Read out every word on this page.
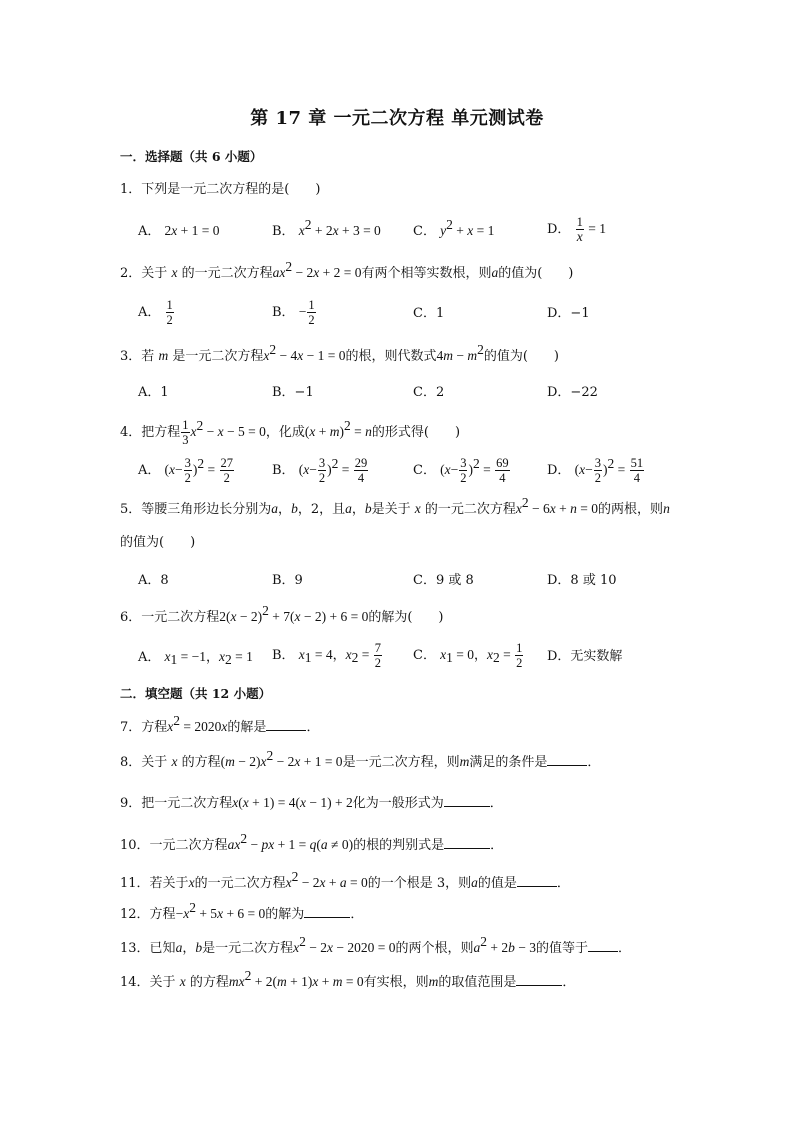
第 17 章 一元二次方程 单元测试卷
一．选择题（共 6 小题）
1．下列是一元二次方程的是(  )
A． 2x + 1 = 0	B． $x^2 + 2x + 3 = 0$ C． $y^2 + x = 1$	D． $\frac{1}{x} = 1$
2．关于 x 的一元二次方程$ax^2 - 2x + 2 = 0$有两个相等实数根，则a的值为(  )
A． $\frac{1}{2}$	B． − $\frac{1}{2}$	C．1	D．−1
3．若 m 是一元二次方程$x^2 - 4x - 1 = 0$的根，则代数式$4m - m^2$的值为(  )
A．1	B．−1	C．2	D．−22
4．把方程 $\frac{1}{3} x^2 - x - 5 = 0$，化成$(x + m)^2 = n$的形式得(  )
A． $(x- \frac{3}{2} )^2 = \frac{27}{2}$	B． $(x- \frac{3}{2} )^2 = \frac{29}{4}$	C． $(x- \frac{3}{2} )^2 = \frac{69}{4}$	D． $(x- \frac{3}{2} )^2 = \frac{51}{4}$
5．等腰三角形边长分别为a，b，2，且a，b是关于 x 的一元二次方程$x^2 - 6x + n = 0$的两根，则n的值为(  )
A．8	B．9	C．9 或 8	D．8 或 10
6．一元二次方程$2(x - 2)^2 + 7(x - 2) + 6 = 0$的解为(  )
A． $x_1 = -1$，$x_2 = 1$ B． $x_1 = 4$，$x_2 = \frac{7}{2}$ C． $x_1 = 0$，$x_2 = \frac{1}{2}$ D．无实数解
二．填空题（共 12 小题）
7．方程$x^2 = 2020x$的解是	．
8．关于 x 的方程$(m - 2)x^2 - 2x + 1 = 0$是一元二次方程，则m满足的条件是	．
9．把一元二次方程x(x + 1) = 4(x − 1) + 2化为一般形式为	．
10．一元二次方程$ax^2$ − px + 1 = q(a ≠ 0)的根的判别式是	．
11．若关于x的一元二次方程$x^2 - 2x + a = 0$的一个根是 3，则a的值是	．
12．方程$-x^2 + 5x + 6 = 0$的解为	．
13．已知a，b是一元二次方程$x^2 - 2x - 2020 = 0$的两个根，则$a^2 + 2b - 3$的值等于 ．
14．关于 x 的方程$mx^2 + 2(m + 1)x + m = 0$有实根，则m的取值范围是	．
